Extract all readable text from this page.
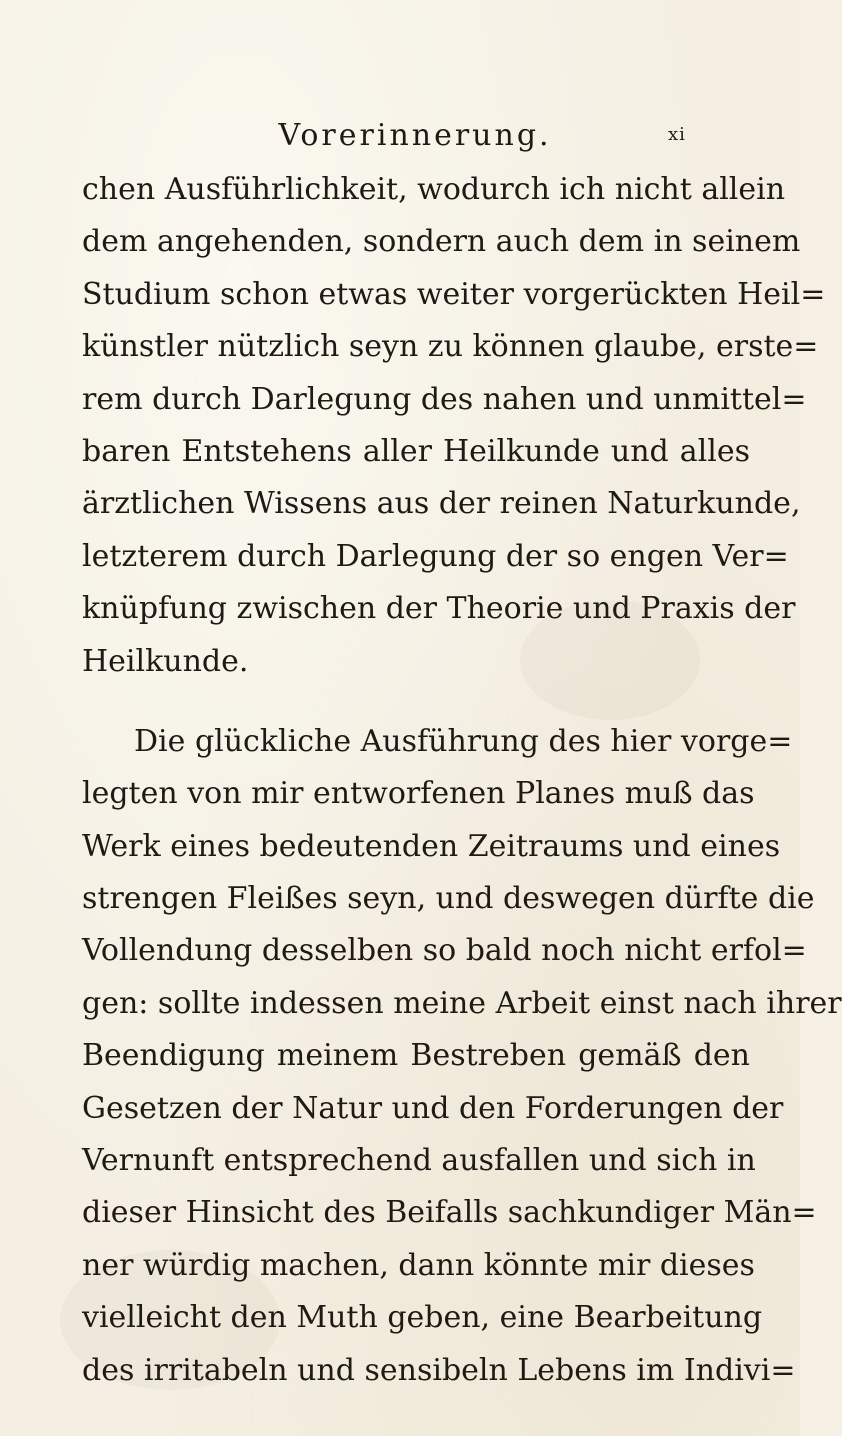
Vorerinnerung.	xi
chen Ausführlichkeit, wodurch ich nicht allein
dem angehenden, sondern auch dem in seinem
Studium schon etwas weiter vorgerückten Heil=
künstler nützlich seyn zu können glaube, erste=
rem durch Darlegung des nahen und unmittel=
baren Entstehens aller Heilkunde und alles
ärztlichen Wissens aus der reinen Naturkunde,
letzterem durch Darlegung der so engen Ver=
knüpfung zwischen der Theorie und Praxis der
Heilkunde.
Die glückliche Ausführung des hier vorge=
legten von mir entworfenen Planes muß das
Werk eines bedeutenden Zeitraums und eines
strengen Fleißes seyn, und deswegen dürfte die
Vollendung desselben so bald noch nicht erfol=
gen: sollte indessen meine Arbeit einst nach ihrer
Beendigung meinem Bestreben gemäß den
Gesetzen der Natur und den Forderungen der
Vernunft entsprechend ausfallen und sich in
dieser Hinsicht des Beifalls sachkundiger Män=
ner würdig machen, dann könnte mir dieses
vielleicht den Muth geben, eine Bearbeitung
des irritabeln und sensibeln Lebens im Indivi=
